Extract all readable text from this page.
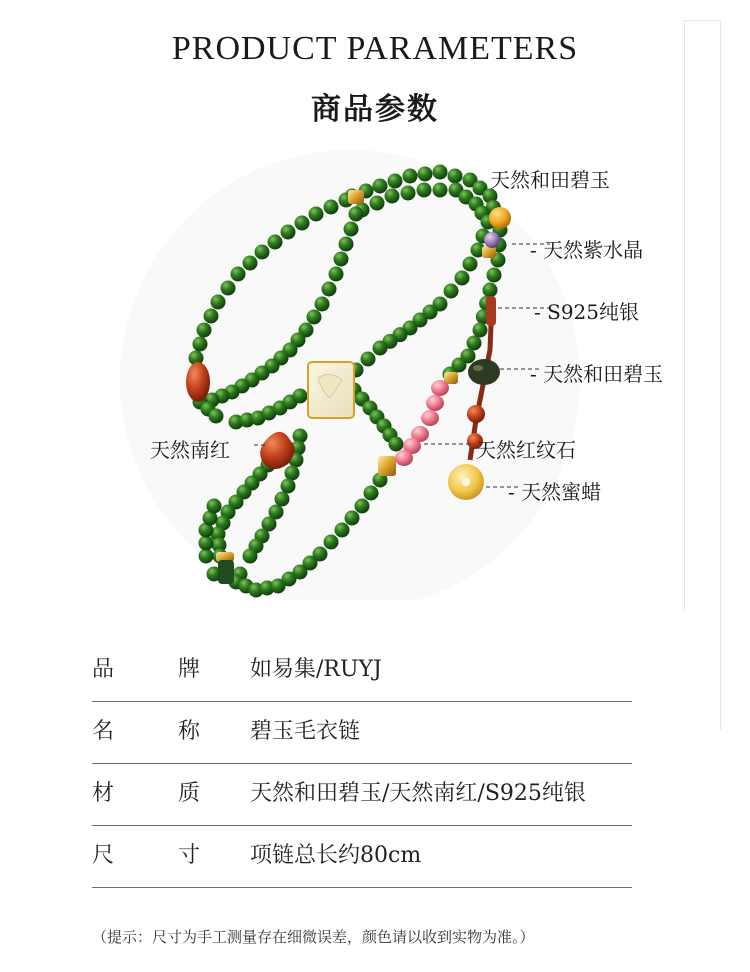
PRODUCT PARAMETERS
商品参数
天然和田碧玉
- 天然紫水晶
- S925纯银
- 天然和田碧玉
天然南红	天然红纹石
- 天然蜜蜡
品牌
如易集/RUYJ
名称
碧玉毛衣链
材质
天然和田碧玉/天然南红/S925纯银
尺寸
项链总长约80cm
（提示：尺寸为手工测量存在细微误差，颜色请以收到实物为准。）
